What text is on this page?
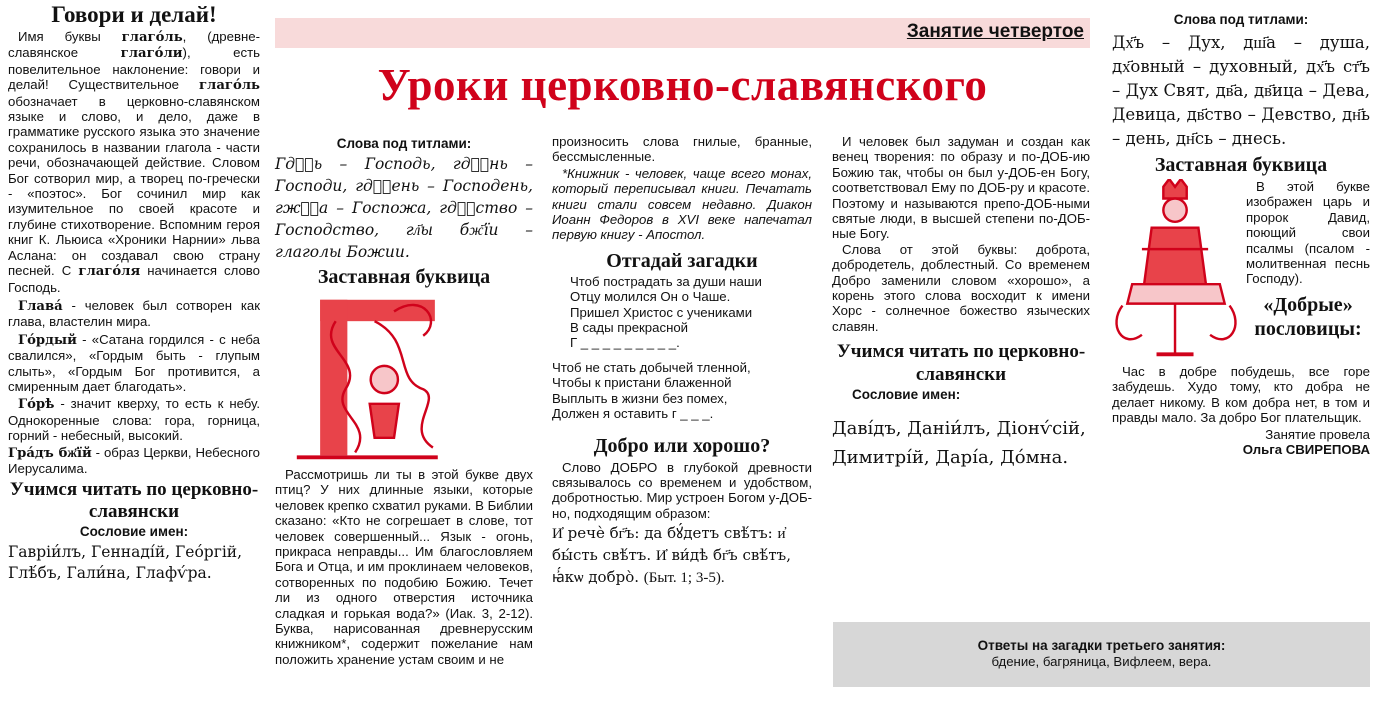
Говори и делай!

Имя буквы глагóль, (древне-славянское глагóли), есть повелительное наклонение: говори и делай! Существительное глагóль обозначает в церковно-славянском языке и слово, и дело, даже в грамматике русского языка это значение сохранилось в названии глагола - части речи, обозначающей действие. Словом Бог сотворил мир, а творец по-гречески - «поэтос». Бог сочинил мир как изумительное по своей красоте и глубине стихотворение. Вспомним героя книг К. Льюиса «Хроники Нарнии» льва Аслана: он создавал свою страну песней. С глагóля начинается слово Господь.

Главá - человек был сотворен как глава, властелин мира.

Гóрдый - «Сатана гордился - с неба свалился», «Гордым быть - глупым слыть», «Гордым Бог противится, а смиренным дает благодать».

Гóрѣ - значит кверху, то есть к небу. Однокоренные слова: гора, горница, горний - небесный, высокий.

Грáдъ бж҃їй - образ Церкви, Небесного Иерусалима.

Учимся читать по церковно-славянски

Сословие имен:

Гавріи́лъ, Геннадíй, Геóргій, Глѣ́бъ, Гали́на, Глафѵ́ра.

Занятие четвертое
Уроки церковно-славянского

Слова под титлами:

Гдⷭ҇ь – Господь, гдⷭ҇нь – Господи, гдⷭ҇ень – Господень, гжⷭ҇а – Госпожа, гдⷭ҇ство – Господство, гл҃ы бж҃їи – глаголы Божии.

Заставная буквица

Рассмотришь ли ты в этой букве двух птиц? У них длинные языки, которые человек крепко схватил руками. В Библии сказано: «Кто не согрешает в слове, тот человек совершенный... Язык - огонь, прикраса неправды... Им благословляем Бога и Отца, и им проклинаем человеков, сотворенных по подобию Божию. Течет ли из одного отверстия источника сладкая и горькая вода?» (Иак. 3, 2-12). Буква, нарисованная древнерусским книжником*, содержит пожелание нам положить хранение устам своим и не

произносить слова гнилые, бранные, бессмысленные.

*Книжник - человек, чаще всего монах, который переписывал книги. Печатать книги стали совсем недавно. Диакон Иоанн Федоров в XVI веке напечатал первую книгу - Апостол.

Отгадай загадки

Чтоб пострадать за души наши

Отцу молился Он о Чаше.

Пришел Христос с учениками

В сады прекрасной

Г _ _ _ _ _ _ _ _ _.

Чтоб не стать добычей тленной,

Чтобы к пристани блаженной

Выплыть в жизни без помех,

Должен я оставить г _ _ _.

Добро или хорошо?

Слово ДОБРО в глубокой древности связывалось со временем и удобством, добротностью. Мир устроен Богом у-ДОБ-но, подходящим образом:

И҆ речѐ бг҃ъ: да бꙋ́детъ свѣ́тъ: и҆ бы́сть свѣ́тъ. И҆ ви́дѣ бг҃ъ свѣ́тъ, ꙗ҆́кѡ добро̀. (Быт. 1; 3-5).

И человек был задуман и создан как венец творения: по образу и по-ДОБ-ию Божию так, чтобы он был у-ДОБ-ен Богу, соответствовал Ему по ДОБ-ру и красоте. Поэтому и называются препо-ДОБ-ными святые люди, в высшей степени по-ДОБ-ные Богу.

Слова от этой буквы: доброта, добродетель, доблестный. Со временем Добро заменили словом «хорошо», а корень этого слова восходит к имени Хорс - солнечное божество языческих славян.

Учимся читать по церковно-славянски

Сословие имен:

Даві́дъ, Даніи́лъ, Діонѵ́сій, Димитрі́й, Дарі́а, Дóмна.

Ответы на загадки третьего занятия:

бдение, багряница, Вифлеем, вера.

Слова под титлами:

Дх҃ъ – Дух, дш҃а – душа, дх҃овный – духовный, дх҃ъ ст҃ъ – Дух Свят, дв҃а, дв҃ица – Дева, Девица, дв҃ство – Девство, дн҃ь – день, дн҃сь – днесь.

Заставная буквица

В этой букве изображен царь и пророк Давид, поющий свои псалмы (псалом - молитвенная песнь Господу).

«Добрые» пословицы:

Час в добре побудешь, все горе забудешь. Худо тому, кто добра не делает никому. В ком добра нет, в том и правды мало. За добро Бог плательщик.

Занятие провела

Ольга СВИРЕПОВА
